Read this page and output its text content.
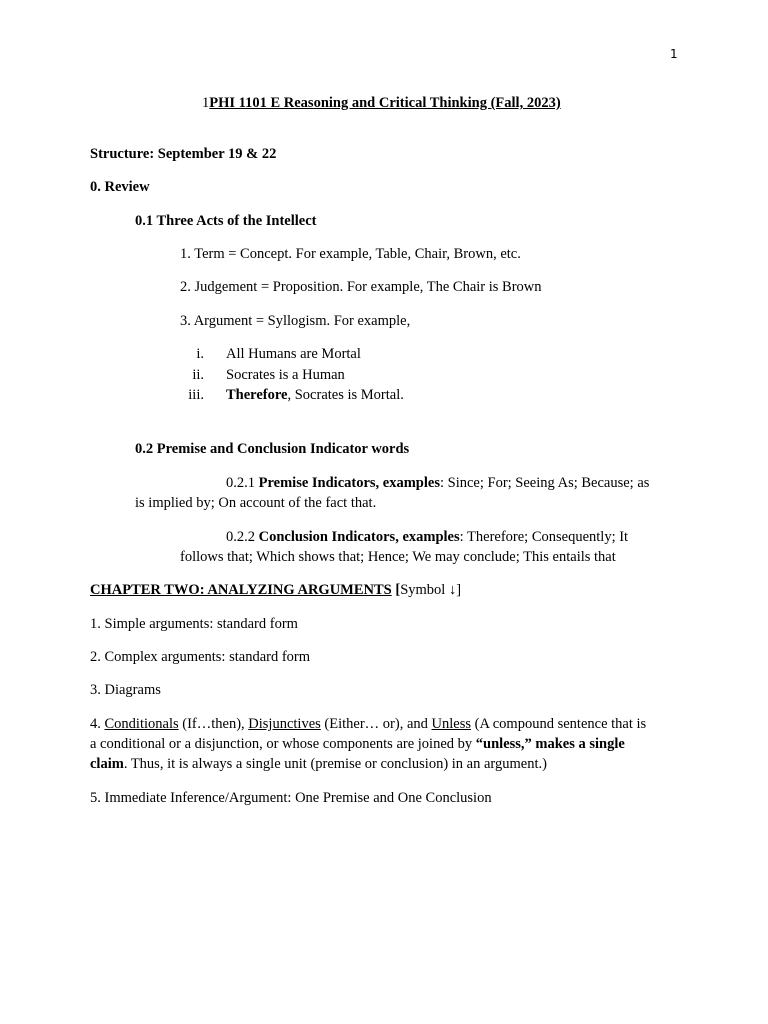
1
1PHI 1101 E Reasoning and Critical Thinking (Fall, 2023)
Structure: September 19 & 22
0. Review
0.1 Three Acts of the Intellect
1. Term = Concept. For example, Table, Chair, Brown, etc.
2. Judgement = Proposition. For example, The Chair is Brown
3. Argument = Syllogism. For example,
i. All Humans are Mortal
ii. Socrates is a Human
iii. Therefore, Socrates is Mortal.
0.2 Premise and Conclusion Indicator words
0.2.1 Premise Indicators, examples: Since; For; Seeing As; Because; as
is implied by; On account of the fact that.
0.2.2 Conclusion Indicators, examples: Therefore; Consequently; It
follows that; Which shows that; Hence; We may conclude; This entails that
CHAPTER TWO: ANALYZING ARGUMENTS [Symbol ↓]
1. Simple arguments: standard form
2. Complex arguments: standard form
3. Diagrams
4. Conditionals (If…then), Disjunctives (Either… or), and Unless (A compound sentence that is
a conditional or a disjunction, or whose components are joined by “unless,” makes a single
claim. Thus, it is always a single unit (premise or conclusion) in an argument.)
5. Immediate Inference/Argument: One Premise and One Conclusion
